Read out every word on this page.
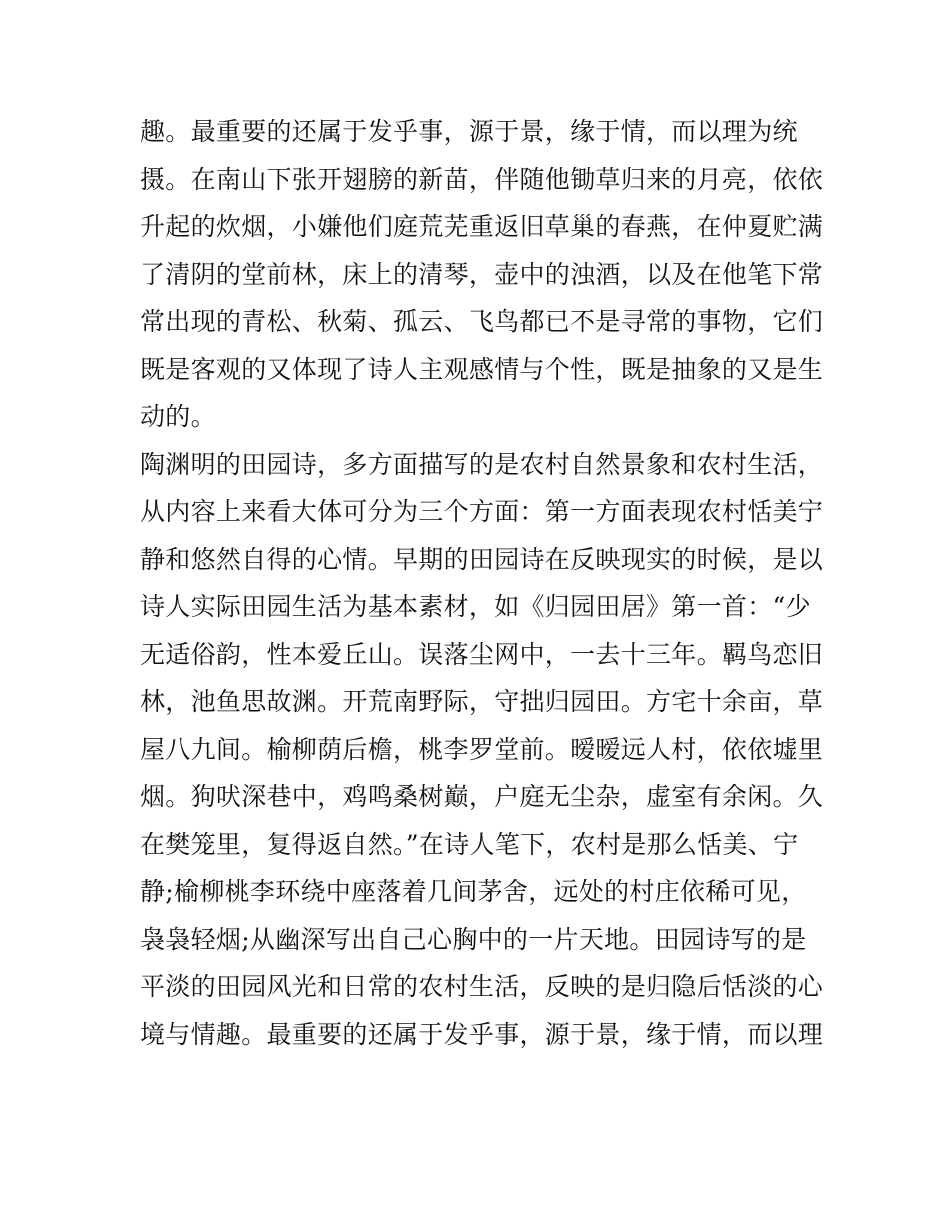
趣。最重要的还属于发乎事，源于景，缘于情，而以理为统
摄。在南山下张开翅膀的新苗，伴随他锄草归来的月亮，依依
升起的炊烟，小嫌他们庭荒芜重返旧草巢的春燕，在仲夏贮满
了清阴的堂前林，床上的清琴，壶中的浊酒，以及在他笔下常
常出现的青松、秋菊、孤云、飞鸟都已不是寻常的事物，它们
既是客观的又体现了诗人主观感情与个性，既是抽象的又是生
动的。
陶渊明的田园诗，多方面描写的是农村自然景象和农村生活，
从内容上来看大体可分为三个方面：第一方面表现农村恬美宁
静和悠然自得的心情。早期的田园诗在反映现实的时候，是以
诗人实际田园生活为基本素材，如《归园田居》第一首：“少
无适俗韵，性本爱丘山。误落尘网中，一去十三年。羁鸟恋旧
林，池鱼思故渊。开荒南野际，守拙归园田。方宅十余亩，草
屋八九间。榆柳荫后檐，桃李罗堂前。暧暧远人村，依依墟里
烟。狗吠深巷中，鸡鸣桑树巅，户庭无尘杂，虚室有余闲。久
在樊笼里，复得返自然。”在诗人笔下，农村是那么恬美、宁
静;榆柳桃李环绕中座落着几间茅舍，远处的村庄依稀可见，
袅袅轻烟;从幽深写出自己心胸中的一片天地。田园诗写的是
平淡的田园风光和日常的农村生活，反映的是归隐后恬淡的心
境与情趣。最重要的还属于发乎事，源于景，缘于情，而以理
